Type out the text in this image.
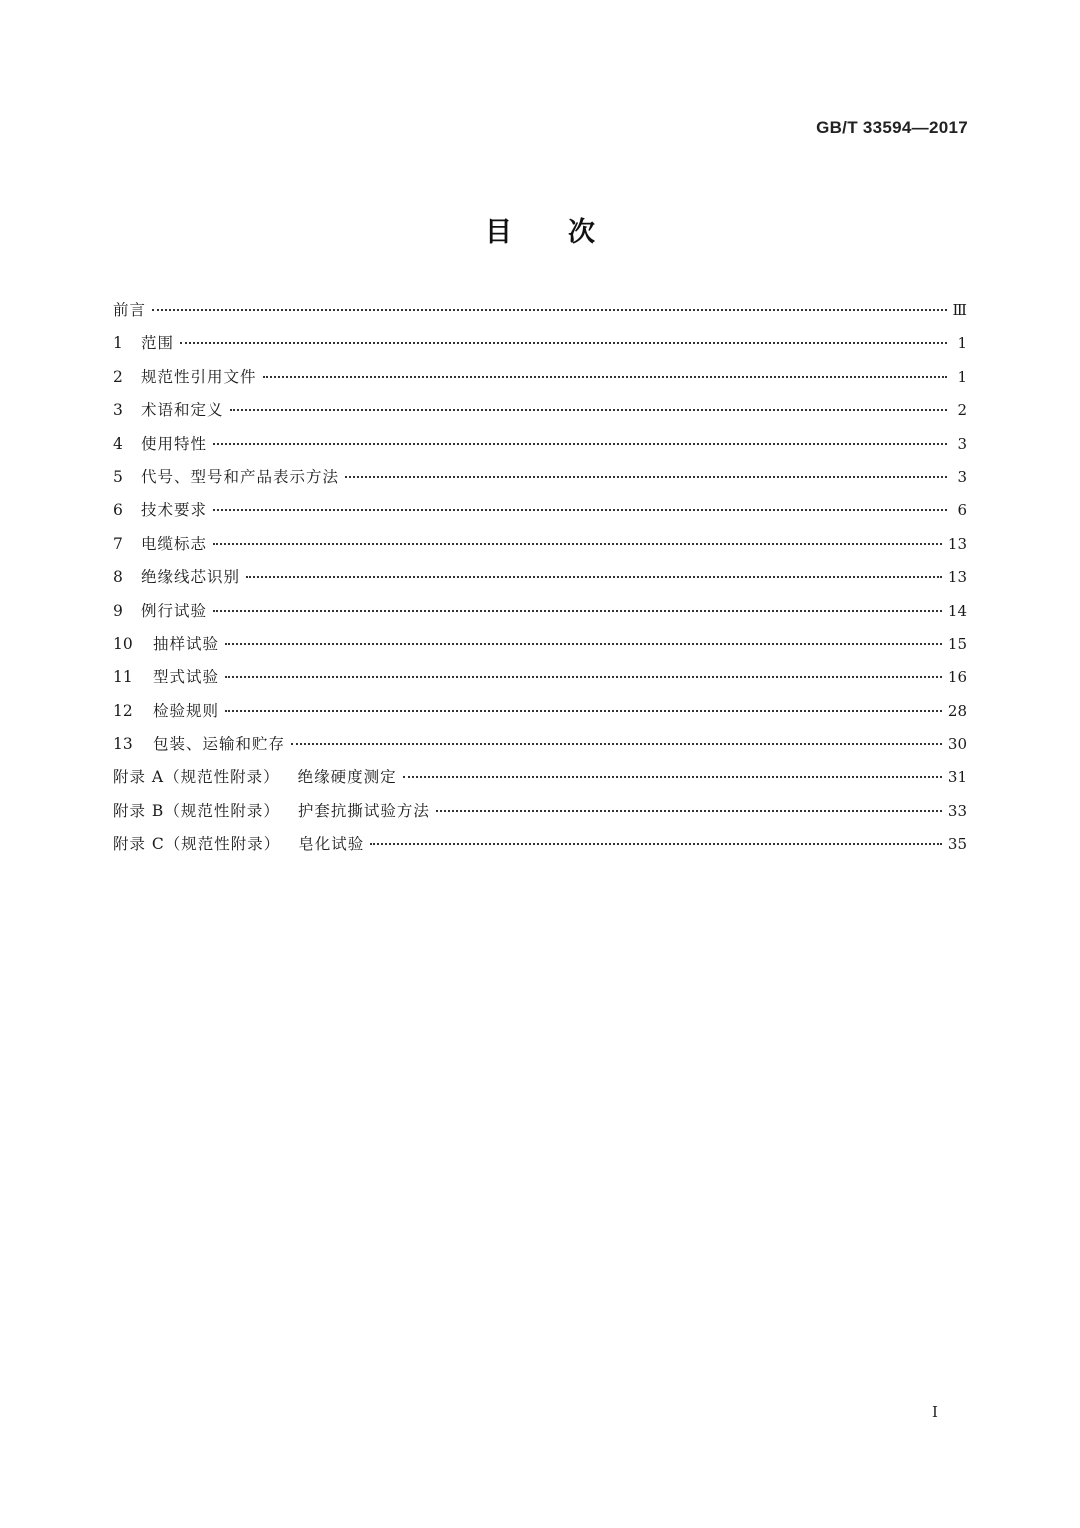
GB/T 33594—2017
目次
前言	Ⅲ
1	范围	1
2	规范性引用文件	1
3	术语和定义	2
4	使用特性	3
5	代号、型号和产品表示方法	3
6	技术要求	6
7	电缆标志	13
8	绝缘线芯识别	13
9	例行试验	14
10	抽样试验	15
11	型式试验	16
12	检验规则	28
13	包装、运输和贮存	30
附录 A（规范性附录） 绝缘硬度测定	31
附录 B（规范性附录） 护套抗撕试验方法	33
附录 C（规范性附录） 皂化试验	35
I
